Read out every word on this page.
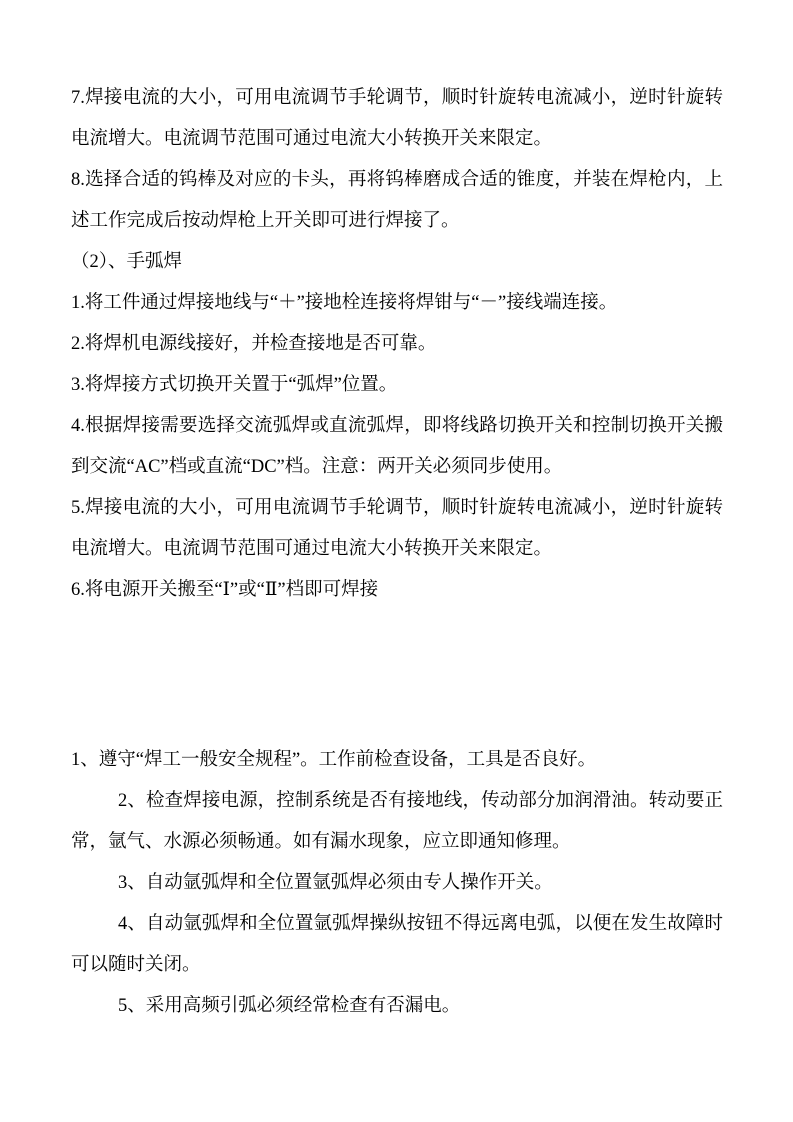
7.焊接电流的大小，可用电流调节手轮调节，顺时针旋转电流减小，逆时针旋转
电流增大。电流调节范围可通过电流大小转换开关来限定。
8.选择合适的钨棒及对应的卡头，再将钨棒磨成合适的锥度，并装在焊枪内，上
述工作完成后按动焊枪上开关即可进行焊接了。
（2）、手弧焊
1.将工件通过焊接地线与“＋”接地栓连接将焊钳与“－”接线端连接。
2.将焊机电源线接好，并检查接地是否可靠。
3.将焊接方式切换开关置于“弧焊”位置。
4.根据焊接需要选择交流弧焊或直流弧焊，即将线路切换开关和控制切换开关搬
到交流“AC”档或直流“DC”档。注意：两开关必须同步使用。
5.焊接电流的大小，可用电流调节手轮调节，顺时针旋转电流减小，逆时针旋转
电流增大。电流调节范围可通过电流大小转换开关来限定。
6.将电源开关搬至“Ⅰ”或“Ⅱ”档即可焊接
1、遵守“焊工一般安全规程”。工作前检查设备，工具是否良好。
2、检查焊接电源，控制系统是否有接地线，传动部分加润滑油。转动要正
常，氩气、水源必须畅通。如有漏水现象，应立即通知修理。
3、自动氩弧焊和全位置氩弧焊必须由专人操作开关。
4、自动氩弧焊和全位置氩弧焊操纵按钮不得远离电弧，以便在发生故障时
可以随时关闭。
5、采用高频引弧必须经常检查有否漏电。
